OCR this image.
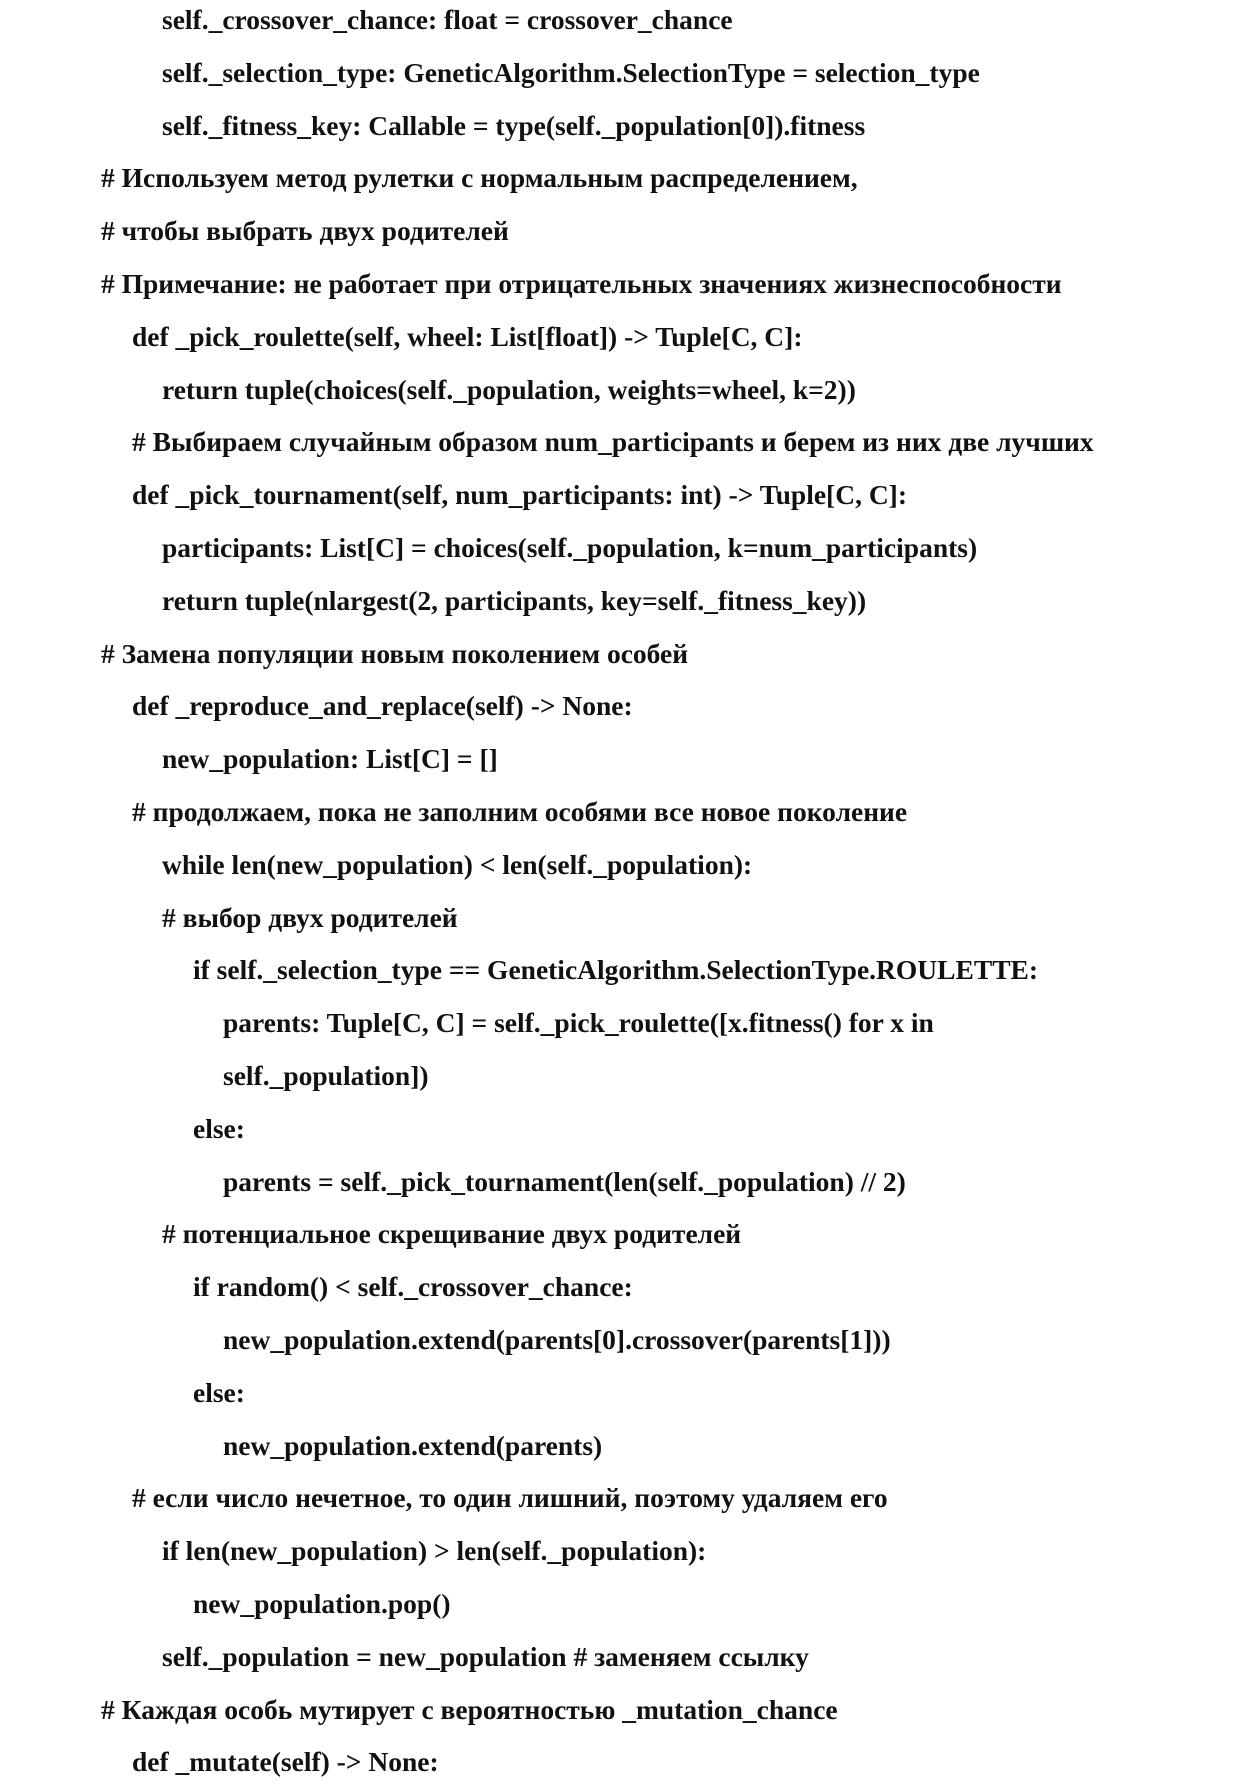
self._crossover_chance: float = crossover_chance
self._selection_type: GeneticAlgorithm.SelectionType = selection_type
self._fitness_key: Callable = type(self._population[0]).fitness
# Используем метод рулетки с нормальным распределением,
# чтобы выбрать двух родителей
# Примечание: не работает при отрицательных значениях жизнеспособности
def _pick_roulette(self, wheel: List[float]) -> Tuple[C, C]:
return tuple(choices(self._population, weights=wheel, k=2))
# Выбираем случайным образом num_participants и берем из них две лучших
def _pick_tournament(self, num_participants: int) -> Tuple[C, C]:
participants: List[C] = choices(self._population, k=num_participants)
return tuple(nlargest(2, participants, key=self._fitness_key))
# Замена популяции новым поколением особей
def _reproduce_and_replace(self) -> None:
new_population: List[C] = []
# продолжаем, пока не заполним особями все новое поколение
while len(new_population) < len(self._population):
# выбор двух родителей
if self._selection_type == GeneticAlgorithm.SelectionType.ROULETTE:
parents: Tuple[C, C] = self._pick_roulette([x.fitness() for x in
self._population])
else:
parents = self._pick_tournament(len(self._population) // 2)
# потенциальное скрещивание двух родителей
if random() < self._crossover_chance:
new_population.extend(parents[0].crossover(parents[1]))
else:
new_population.extend(parents)
# если число нечетное, то один лишний, поэтому удаляем его
if len(new_population) > len(self._population):
new_population.pop()
self._population = new_population # заменяем ссылку
# Каждая особь мутирует с вероятностью _mutation_chance
def _mutate(self) -> None:
